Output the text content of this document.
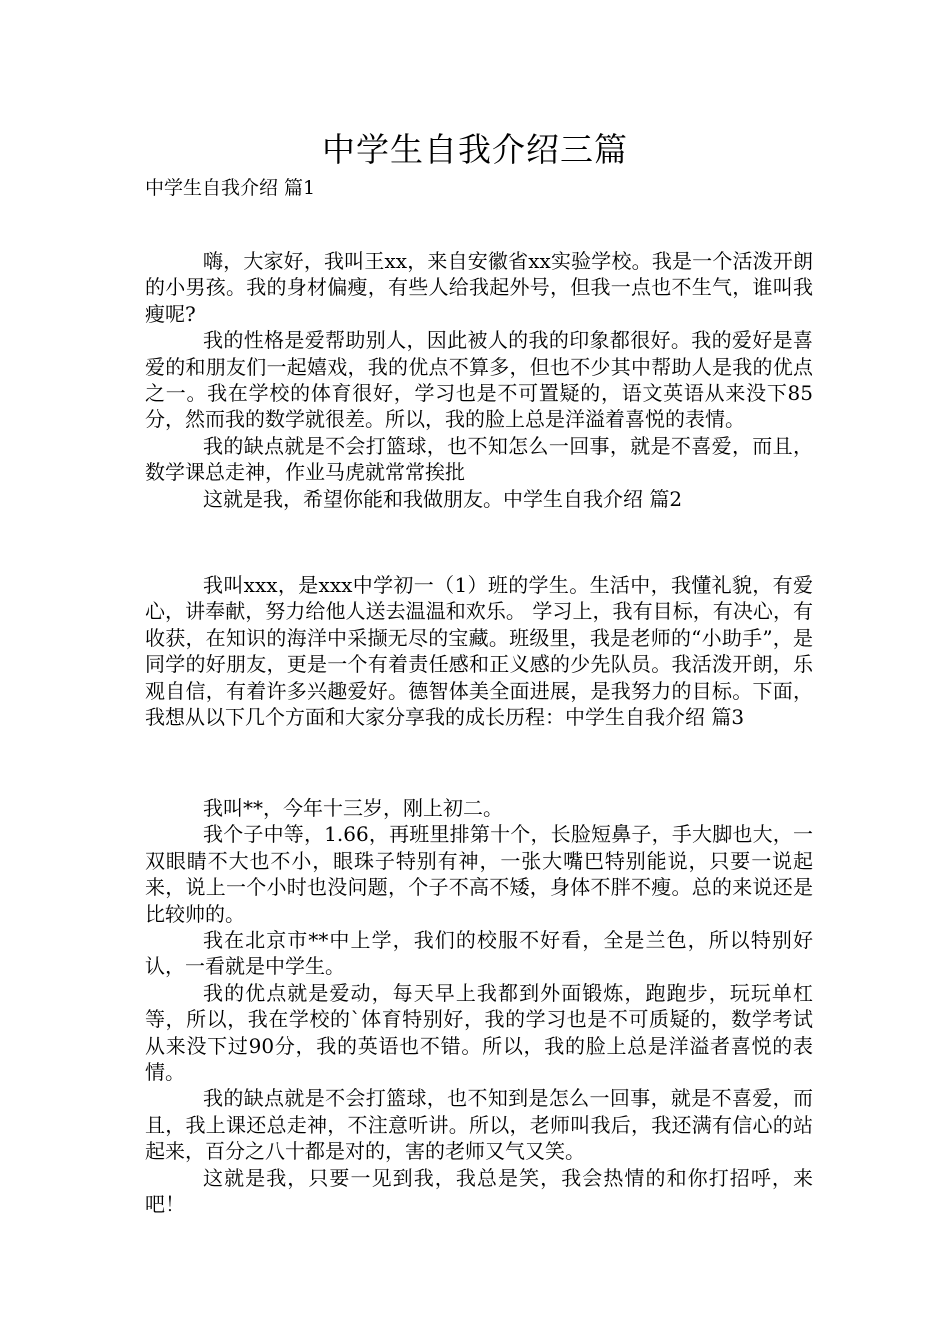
中学生自我介绍三篇
中学生自我介绍 篇1

嗨，大家好，我叫王xx，来自安徽省xx实验学校。我是一个活泼开朗的小男孩。我的身材偏瘦，有些人给我起外号，但我一点也不生气，谁叫我瘦呢?

我的性格是爱帮助别人，因此被人的我的印象都很好。我的爱好是喜爱的和朋友们一起嬉戏，我的优点不算多，但也不少其中帮助人是我的优点之一。我在学校的体育很好，学习也是不可置疑的，语文英语从来没下85分，然而我的数学就很差。所以，我的脸上总是洋溢着喜悦的表情。

我的缺点就是不会打篮球，也不知怎么一回事，就是不喜爱，而且，数学课总走神，作业马虎就常常挨批

这就是我，希望你能和我做朋友。中学生自我介绍 篇2

我叫xxx，是xxx中学初一（1）班的学生。生活中，我懂礼貌，有爱心，讲奉献，努力给他人送去温温和欢乐。 学习上，我有目标，有决心，有收获，在知识的海洋中采撷无尽的宝藏。班级里，我是老师的“小助手”，是同学的好朋友，更是一个有着责任感和正义感的少先队员。我活泼开朗，乐观自信，有着许多兴趣爱好。德智体美全面进展，是我努力的目标。下面，我想从以下几个方面和大家分享我的成长历程：中学生自我介绍 篇3

我叫**，今年十三岁，刚上初二。

我个子中等，1.66，再班里排第十个，长脸短鼻子，手大脚也大，一双眼睛不大也不小，眼珠子特别有神，一张大嘴巴特别能说，只要一说起来，说上一个小时也没问题，个子不高不矮，身体不胖不瘦。总的来说还是比较帅的。

我在北京市**中上学，我们的校服不好看，全是兰色，所以特别好认，一看就是中学生。

我的优点就是爱动，每天早上我都到外面锻炼，跑跑步，玩玩单杠等，所以，我在学校的`体育特别好，我的学习也是不可质疑的，数学考试从来没下过90分，我的英语也不错。所以，我的脸上总是洋溢者喜悦的表情。

我的缺点就是不会打篮球，也不知到是怎么一回事，就是不喜爱，而且，我上课还总走神，不注意听讲。所以，老师叫我后，我还满有信心的站起来，百分之八十都是对的，害的老师又气又笑。

这就是我，只要一见到我，我总是笑，我会热情的和你打招呼，来吧！
